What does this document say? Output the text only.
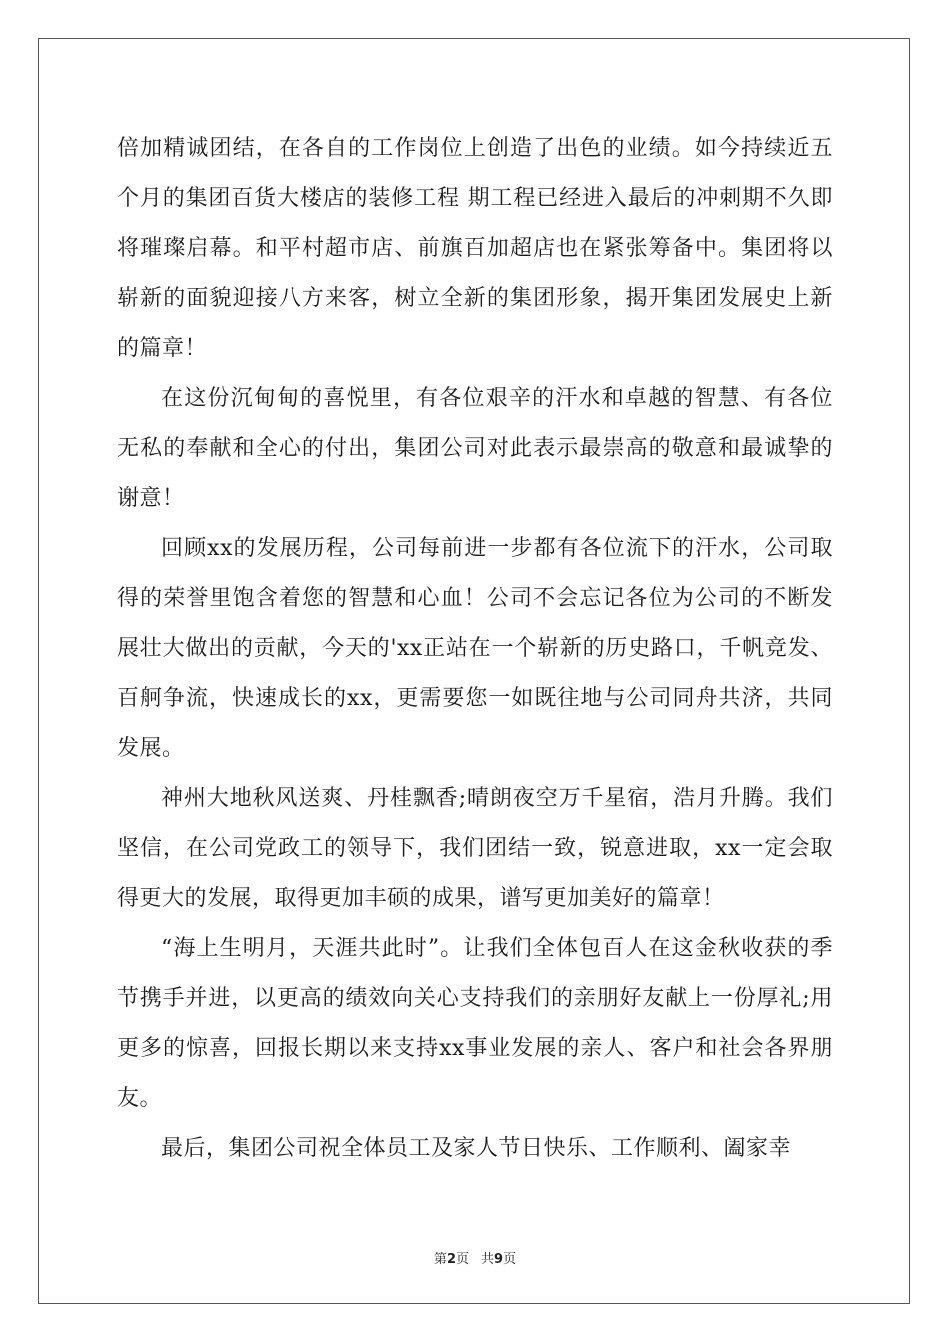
倍加精诚团结，在各自的工作岗位上创造了出色的业绩。如今持续近五个月的集团百货大楼店的装修工程 期工程已经进入最后的冲刺期不久即将璀璨启幕。和平村超市店、前旗百加超店也在紧张筹备中。集团将以崭新的面貌迎接八方来客，树立全新的集团形象，揭开集团发展史上新的篇章！

在这份沉甸甸的喜悦里，有各位艰辛的汗水和卓越的智慧、有各位无私的奉献和全心的付出，集团公司对此表示最崇高的敬意和最诚挚的谢意！

回顾xx的发展历程，公司每前进一步都有各位流下的汗水，公司取得的荣誉里饱含着您的智慧和心血！公司不会忘记各位为公司的不断发展壮大做出的贡献，今天的'xx正站在一个崭新的历史路口，千帆竞发、百舸争流，快速成长的xx，更需要您一如既往地与公司同舟共济，共同发展。

神州大地秋风送爽、丹桂飘香;晴朗夜空万千星宿，浩月升腾。我们坚信，在公司党政工的领导下，我们团结一致，锐意进取，xx一定会取得更大的发展，取得更加丰硕的成果，谱写更加美好的篇章！

“海上生明月，天涯共此时”。让我们全体包百人在这金秋收获的季节携手并进，以更高的绩效向关心支持我们的亲朋好友献上一份厚礼;用更多的惊喜，回报长期以来支持xx事业发展的亲人、客户和社会各界朋友。

最后，集团公司祝全体员工及家人节日快乐、工作顺利、阖家幸

第2页 共9页
